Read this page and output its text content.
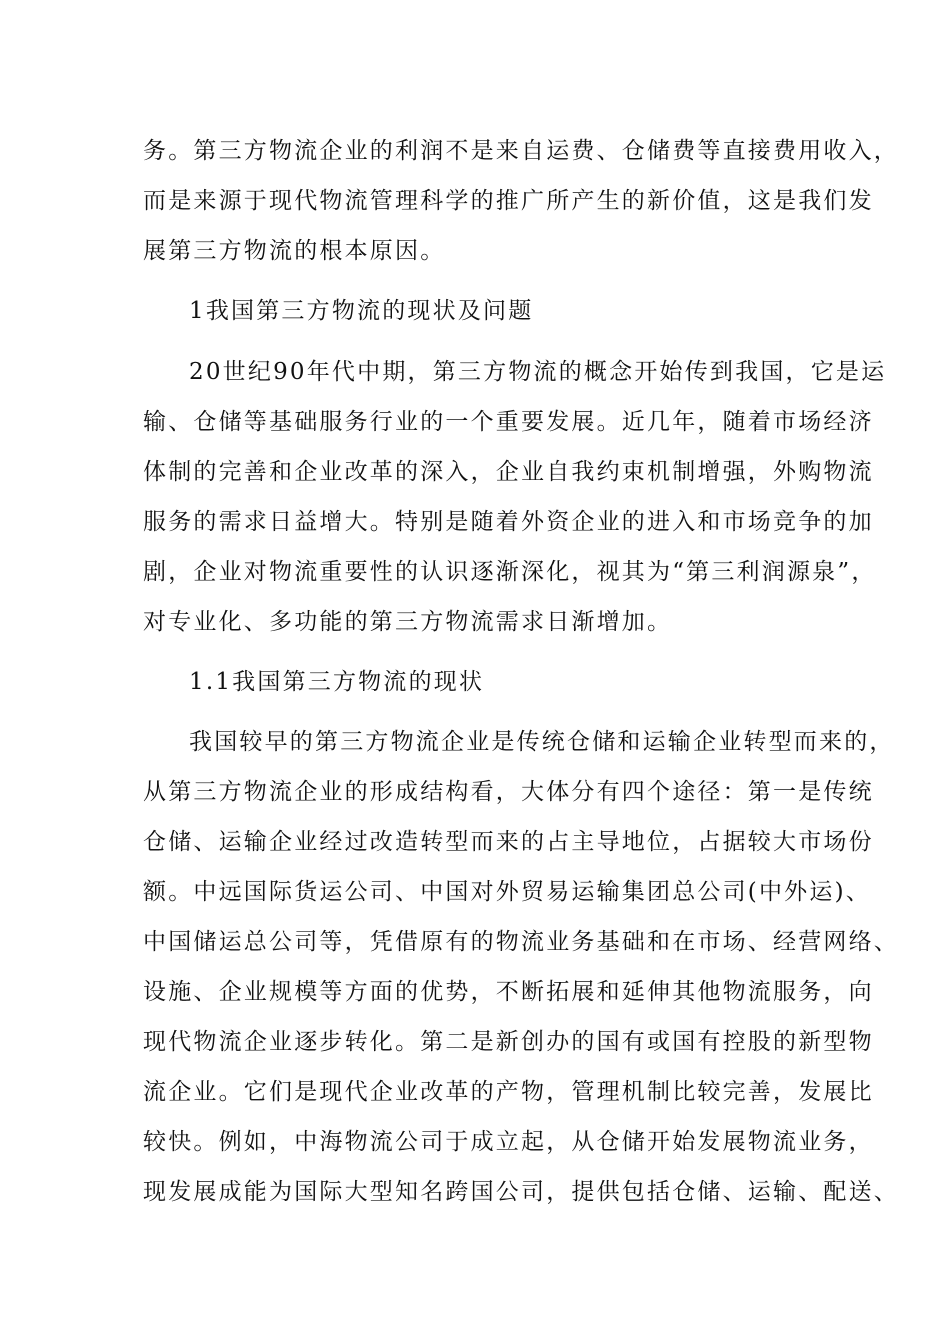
务。第三方物流企业的利润不是来自运费、仓储费等直接费用收入，
而是来源于现代物流管理科学的推广所产生的新价值，这是我们发
展第三方物流的根本原因。
1我国第三方物流的现状及问题
20世纪90年代中期，第三方物流的概念开始传到我国，它是运
输、仓储等基础服务行业的一个重要发展。近几年，随着市场经济
体制的完善和企业改革的深入，企业自我约束机制增强，外购物流
服务的需求日益增大。特别是随着外资企业的进入和市场竞争的加
剧，企业对物流重要性的认识逐渐深化，视其为“第三利润源泉”，
对专业化、多功能的第三方物流需求日渐增加。
1.1我国第三方物流的现状
我国较早的第三方物流企业是传统仓储和运输企业转型而来的，
从第三方物流企业的形成结构看，大体分有四个途径：第一是传统
仓储、运输企业经过改造转型而来的占主导地位，占据较大市场份
额。中远国际货运公司、中国对外贸易运输集团总公司(中外运)、
中国储运总公司等，凭借原有的物流业务基础和在市场、经营网络、
设施、企业规模等方面的优势，不断拓展和延伸其他物流服务，向
现代物流企业逐步转化。第二是新创办的国有或国有控股的新型物
流企业。它们是现代企业改革的产物，管理机制比较完善，发展比
较快。例如，中海物流公司于成立起，从仓储开始发展物流业务，
现发展成能为国际大型知名跨国公司，提供包括仓储、运输、配送、
